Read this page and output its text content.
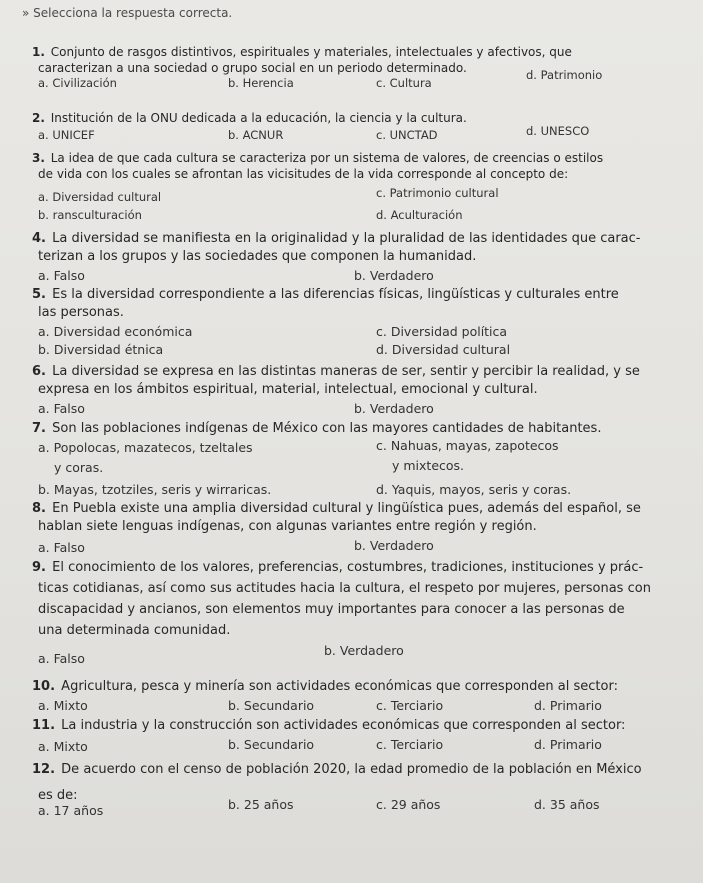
» Selecciona la respuesta correcta.
1. Conjunto de rasgos distintivos, espirituales y materiales, intelectuales y afectivos, que
caracterizan a una sociedad o grupo social en un periodo determinado.
a. Civilización	b. Herencia	c. Cultura
d. Patrimonio
2. Institución de la ONU dedicada a la educación, la ciencia y la cultura.
a. UNICEF	b. ACNUR	c. UNCTAD	d. UNESCO
3. La idea de que cada cultura se caracteriza por un sistema de valores, de creencias o estilos
de vida con los cuales se afrontan las vicisitudes de la vida corresponde al concepto de:
a. Diversidad cultural	c. Patrimonio cultural
b. ransculturación	d. Aculturación
4. La diversidad se manifiesta en la originalidad y la pluralidad de las identidades que carac-
terizan a los grupos y las sociedades que componen la humanidad.
a. Falso	b. Verdadero
5. Es la diversidad correspondiente a las diferencias físicas, lingüísticas y culturales entre
las personas.
a. Diversidad económica	c. Diversidad política
b. Diversidad étnica	d. Diversidad cultural
6. La diversidad se expresa en las distintas maneras de ser, sentir y percibir la realidad, y se
expresa en los ámbitos espiritual, material, intelectual, emocional y cultural.
a. Falso	b. Verdadero
7. Son las poblaciones indígenas de México con las mayores cantidades de habitantes.
a. Popolocas, mazatecos, tzeltales
y coras.
c. Nahuas, mayas, zapotecos
y mixtecos.
b. Mayas, tzotziles, seris y wirraricas.	d. Yaquis, mayos, seris y coras.
8. En Puebla existe una amplia diversidad cultural y lingüística pues, además del español, se
hablan siete lenguas indígenas, con algunas variantes entre región y región.
a. Falso	b. Verdadero
9. El conocimiento de los valores, preferencias, costumbres, tradiciones, instituciones y prác-
ticas cotidianas, así como sus actitudes hacia la cultura, el respeto por mujeres, personas con
discapacidad y ancianos, son elementos muy importantes para conocer a las personas de
una determinada comunidad.
a. Falso
b. Verdadero
10. Agricultura, pesca y minería son actividades económicas que corresponden al sector:
a. Mixto	b. Secundario	c. Terciario	d. Primario
11. La industria y la construcción son actividades económicas que corresponden al sector:
a. Mixto	b. Secundario	c. Terciario	d. Primario
12. De acuerdo con el censo de población 2020, la edad promedio de la población en México
es de:
a. 17 años	b. 25 años	c. 29 años	d. 35 años
